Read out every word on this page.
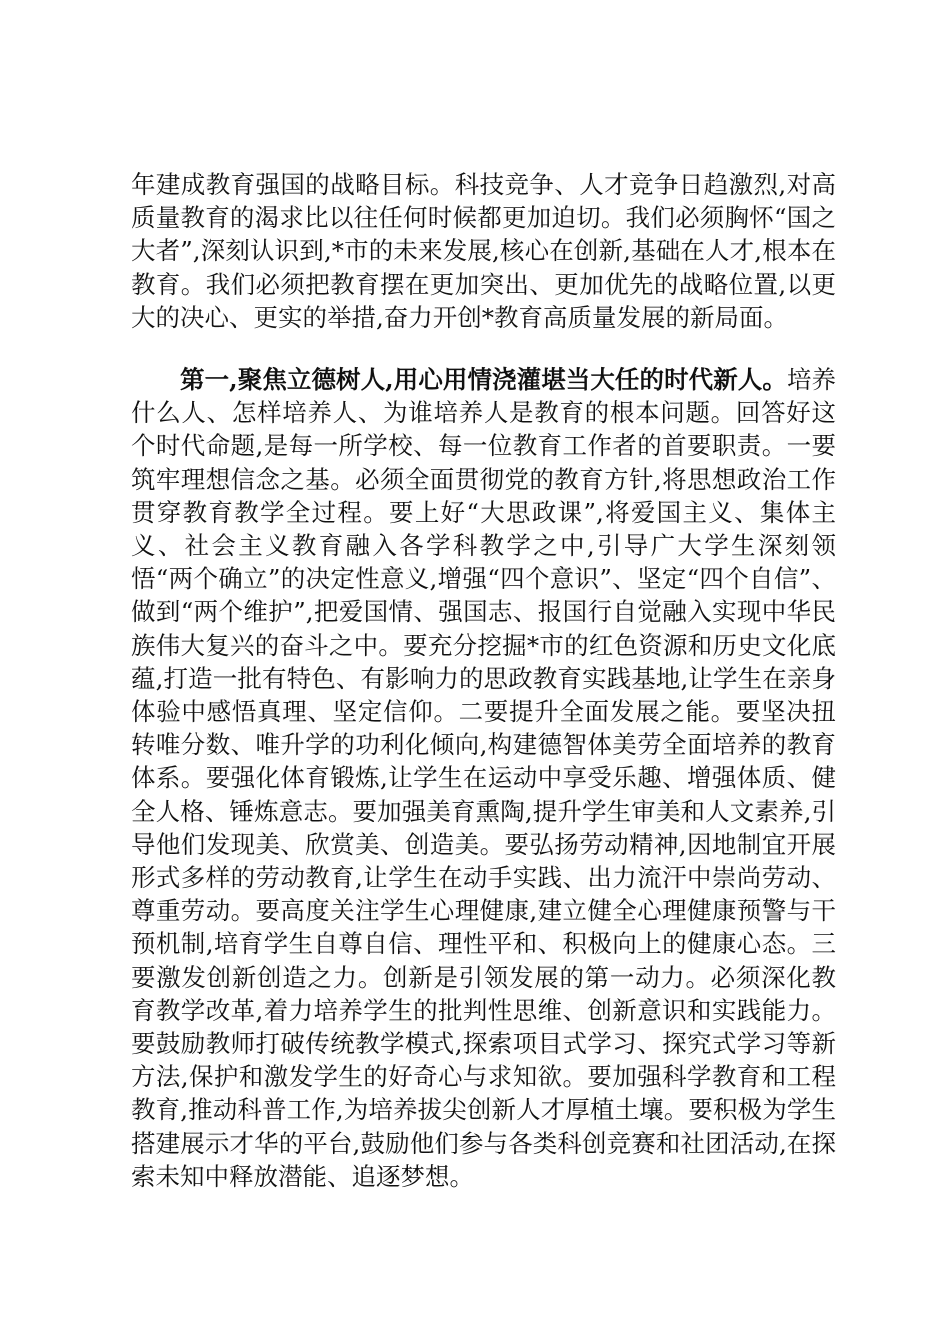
年建成教育强国的战略目标。科技竞争、人才竞争日趋激烈,对高质量教育的渴求比以往任何时候都更加迫切。我们必须胸怀“国之大者”,深刻认识到,*市的未来发展,核心在创新,基础在人才,根本在教育。我们必须把教育摆在更加突出、更加优先的战略位置,以更大的决心、更实的举措,奋力开创*教育高质量发展的新局面。

第一,聚焦立德树人,用心用情浇灌堪当大任的时代新人。培养什么人、怎样培养人、为谁培养人是教育的根本问题。回答好这个时代命题,是每一所学校、每一位教育工作者的首要职责。一要筑牢理想信念之基。必须全面贯彻党的教育方针,将思想政治工作贯穿教育教学全过程。要上好“大思政课”,将爱国主义、集体主义、社会主义教育融入各学科教学之中,引导广大学生深刻领悟“两个确立”的决定性意义,增强“四个意识”、坚定“四个自信”、做到“两个维护”,把爱国情、强国志、报国行自觉融入实现中华民族伟大复兴的奋斗之中。要充分挖掘*市的红色资源和历史文化底蕴,打造一批有特色、有影响力的思政教育实践基地,让学生在亲身体验中感悟真理、坚定信仰。二要提升全面发展之能。要坚决扭转唯分数、唯升学的功利化倾向,构建德智体美劳全面培养的教育体系。要强化体育锻炼,让学生在运动中享受乐趣、增强体质、健全人格、锤炼意志。要加强美育熏陶,提升学生审美和人文素养,引导他们发现美、欣赏美、创造美。要弘扬劳动精神,因地制宜开展形式多样的劳动教育,让学生在动手实践、出力流汗中崇尚劳动、尊重劳动。要高度关注学生心理健康,建立健全心理健康预警与干预机制,培育学生自尊自信、理性平和、积极向上的健康心态。三要激发创新创造之力。创新是引领发展的第一动力。必须深化教育教学改革,着力培养学生的批判性思维、创新意识和实践能力。要鼓励教师打破传统教学模式,探索项目式学习、探究式学习等新方法,保护和激发学生的好奇心与求知欲。要加强科学教育和工程教育,推动科普工作,为培养拔尖创新人才厚植土壤。要积极为学生搭建展示才华的平台,鼓励他们参与各类科创竞赛和社团活动,在探索未知中释放潜能、追逐梦想。
